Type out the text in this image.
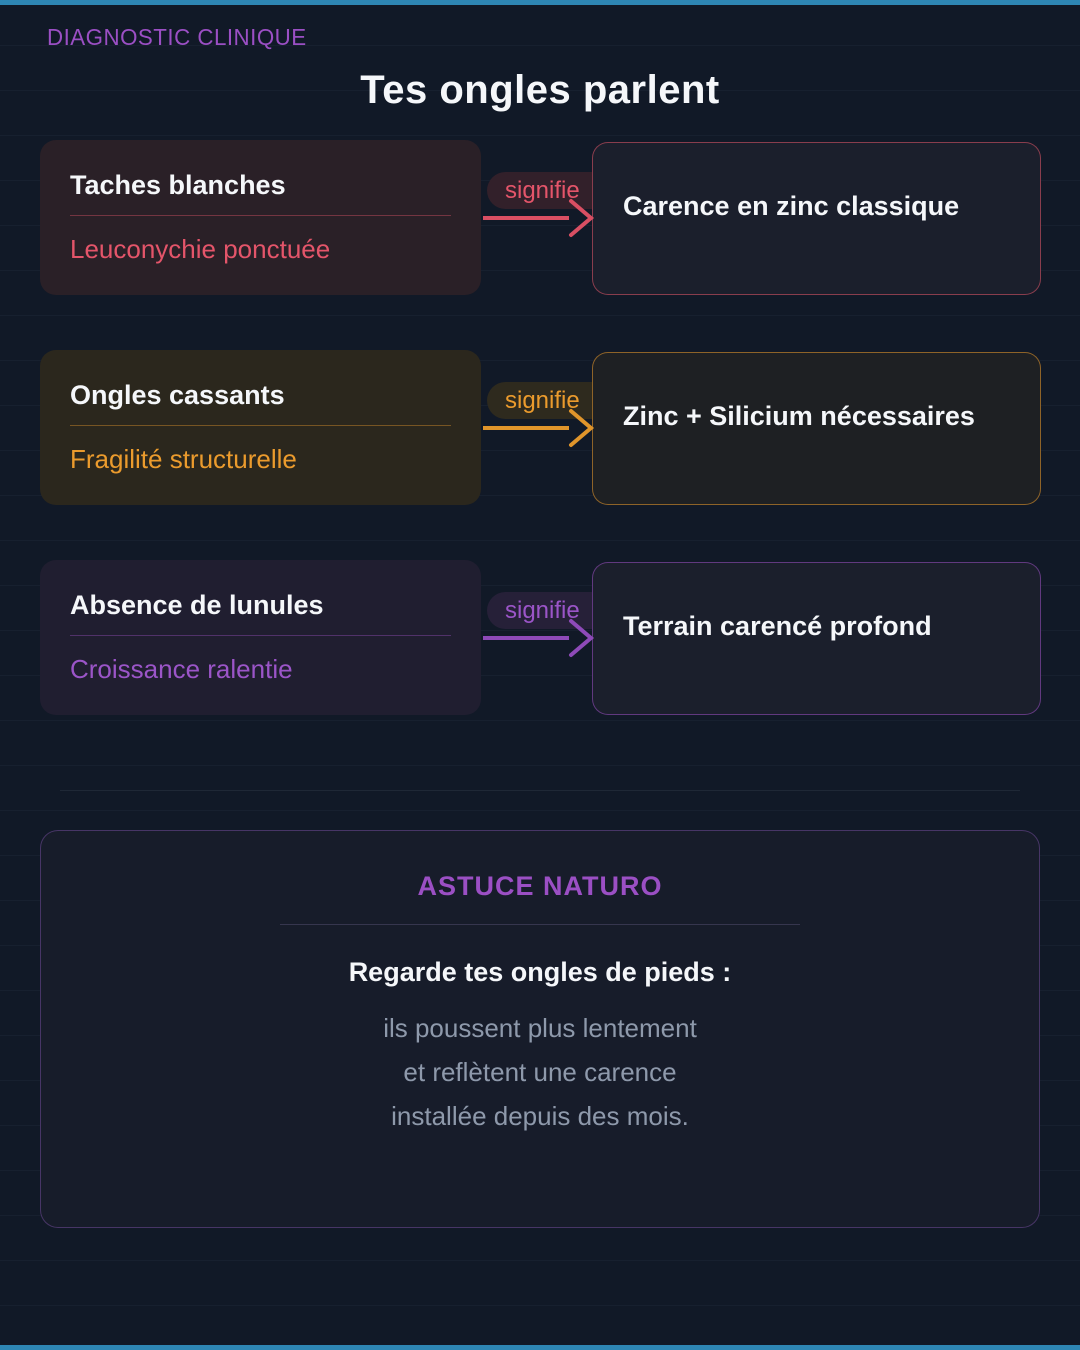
DIAGNOSTIC CLINIQUE
Tes ongles parlent
Taches blanches
Leuconychie ponctuée
signifie
Carence en zinc classique
Ongles cassants
Fragilité structurelle
signifie
Zinc + Silicium nécessaires
Absence de lunules
Croissance ralentie
signifie
Terrain carencé profond
ASTUCE NATURO
Regarde tes ongles de pieds :
ils poussent plus lentement
et reflètent une carence
installée depuis des mois.
